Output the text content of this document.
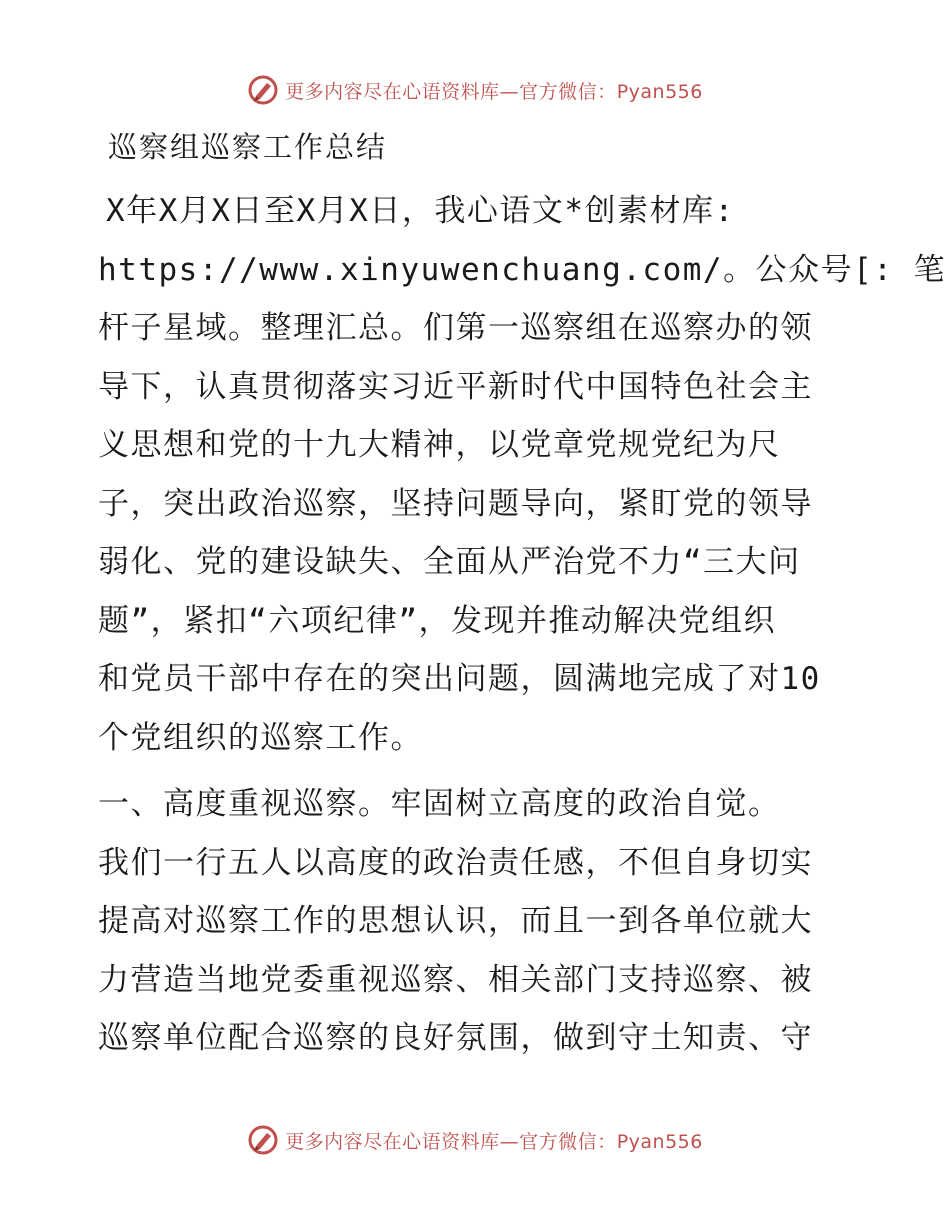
更多内容尽在心语资料库—官方微信：Pyan556
巡察组巡察工作总结

X年X月X日至X月X日，我心语文*创素材库:
https://www.xinyuwenchuang.com/。公众号[: 笔
杆子星域。整理汇总。们第一巡察组在巡察办的领
导下，认真贯彻落实习近平新时代中国特色社会主
义思想和党的十九大精神，以党章党规党纪为尺
子，突出政治巡察，坚持问题导向，紧盯党的领导
弱化、党的建设缺失、全面从严治党不力“三大问
题”，紧扣“六项纪律”，发现并推动解决党组织
和党员干部中存在的突出问题，圆满地完成了对10
个党组织的巡察工作。

一、高度重视巡察。牢固树立高度的政治自觉。
我们一行五人以高度的政治责任感，不但自身切实
提高对巡察工作的思想认识，而且一到各单位就大
力营造当地党委重视巡察、相关部门支持巡察、被
巡察单位配合巡察的良好氛围，做到守土知责、守

更多内容尽在心语资料库—官方微信：Pyan556
